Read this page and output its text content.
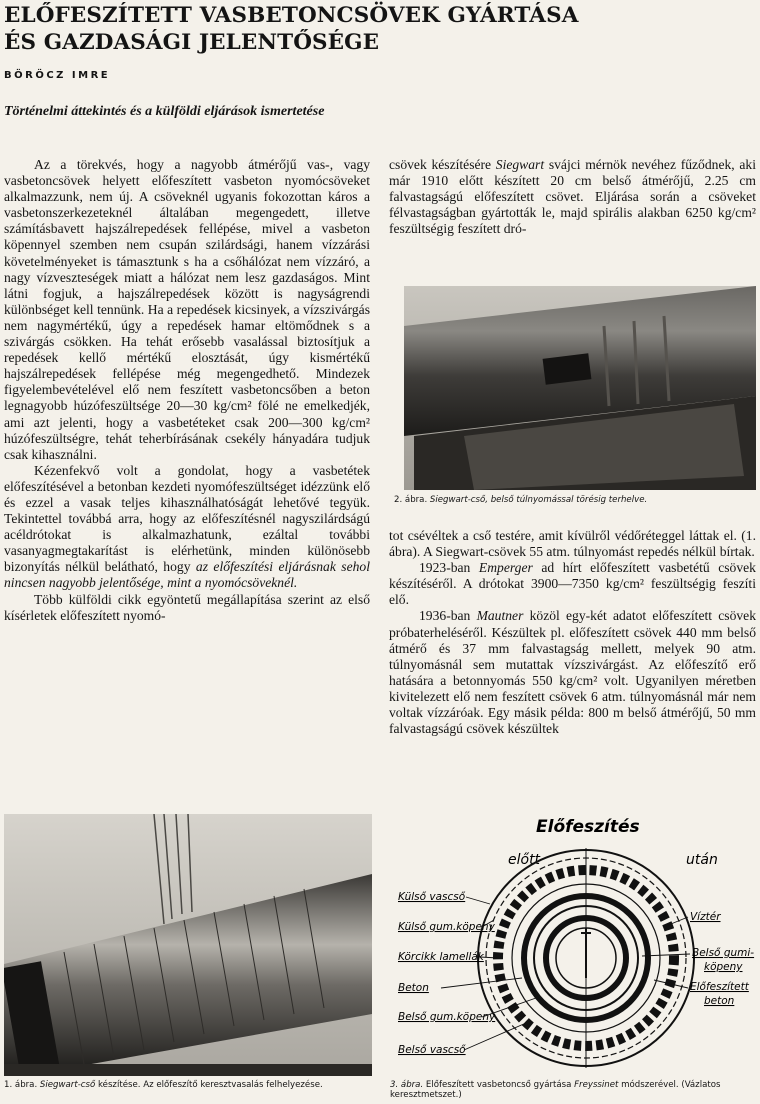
ELŐFESZÍTETT VASBETONCSÖVEK GYÁRTÁSA
ÉS GAZDASÁGI JELENTŐSÉGE

BÖRÖCZ IMRE

Történelmi áttekintés és a külföldi eljárások ismertetése

Az a törekvés, hogy a nagyobb átmérőjű vas-, vagy vasbetoncsövek helyett előfeszített vasbeton nyomócsöveket alkalmazzunk, nem új. A csöveknél ugyanis fokozottan káros a vasbetonszerkezeteknél általában megengedett, illetve számításbavett hajszálrepedések fellépése, mivel a vasbeton köpennyel szemben nem csupán szilárdsági, hanem vízzárási követelményeket is támasztunk s ha a csőhálózat nem vízzáró, a nagy vízveszteségek miatt a hálózat nem lesz gazdaságos. Mint látni fogjuk, a hajszálrepedések között is nagyságrendi különbséget kell tennünk. Ha a repedések kicsinyek, a vízszivárgás nem nagymértékű, úgy a repedések hamar eltömődnek s a szivárgás csökken. Ha tehát erősebb vasalással biztosítjuk a repedések kellő mértékű elosztását, úgy kismértékű hajszálrepedések fellépése még megengedhető. Mindezek figyelembevételével elő nem feszített vasbetoncsőben a beton legnagyobb húzófeszültsége 20—30 kg/cm² fölé ne emelkedjék, ami azt jelenti, hogy a vasbetéteket csak 200—300 kg/cm² húzófeszültségre, tehát teherbírásának csekély hányadára tudjuk csak kihasználni.

Kézenfekvő volt a gondolat, hogy a vasbetétek előfeszítésével a betonban kezdeti nyomófeszültséget idézzünk elő és ezzel a vasak teljes kihasználhatóságát lehetővé tegyük. Tekintettel továbbá arra, hogy az előfeszítésnél nagyszilárdságú acéldrótokat is alkalmazhatunk, ezáltal további vasanyagmegtakarítást is elérhetünk, minden különösebb bizonyítás nélkül belátható, hogy az előfeszítési eljárásnak sehol nincsen nagyobb jelentősége, mint a nyomócsöveknél.

Több külföldi cikk egyöntetű megállapítása szerint az első kísérletek előfeszített nyomó-

csövek készítésére Siegwart svájci mérnök nevéhez fűződnek, aki már 1910 előtt készített 20 cm belső átmérőjű, 2.25 cm falvastagságú előfeszített csövet. Eljárása során a csöveket félvastagságban gyártották le, majd spirális alakban 6250 kg/cm² feszültségig feszített dró-

2. ábra. Siegwart-cső, belső túlnyomással törésig terhelve.

tot csévéltek a cső testére, amit kívülről védőréteggel láttak el. (1. ábra). A Siegwart-csövek 55 atm. túlnyomást repedés nélkül bírtak.

1923-ban Emperger ad hírt előfeszített vasbetétű csövek készítéséről. A drótokat 3900—7350 kg/cm² feszültségig feszíti elő.

1936-ban Mautner közöl egy-két adatot előfeszített csövek próbaterheléséről. Készültek pl. előfeszített csövek 440 mm belső átmérő és 37 mm falvastagság mellett, melyek 90 atm. túlnyomásnál sem mutattak vízszivárgást. Az előfeszítő erő hatására a betonnyomás 550 kg/cm² volt. Ugyanilyen méretben kivitelezett elő nem feszített csövek 6 atm. túlnyomásnál már nem voltak vízzáróak. Egy másik példa: 800 m belső átmérőjű, 50 mm falvastagságú csövek készültek

1. ábra. Siegwart-cső készítése. Az előfeszítő keresztvasalás felhelyezése.

Előfeszítés
előtt	után
Külső vascső
Külső gum.köpeny
Körcikk lamellák
Beton
Belső gum.köpeny
Belső vascső
Víztér
Belső gumi-
köpeny
Előfeszített
beton

3. ábra. Előfeszített vasbetoncső gyártása Freyssinet módszerével. (Vázlatos keresztmetszet.)
